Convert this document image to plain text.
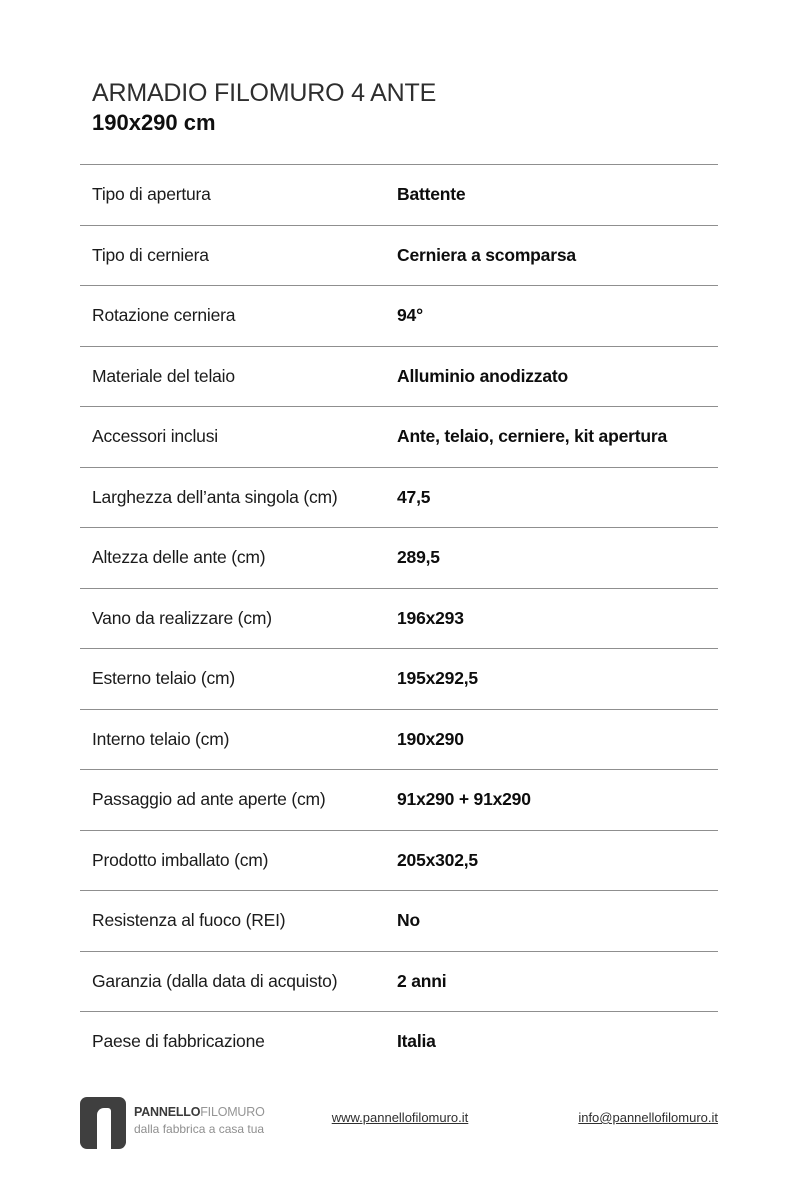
ARMADIO FILOMURO 4 ANTE
190x290 cm
Tipo di apertura	Battente
Tipo di cerniera	Cerniera a scomparsa
Rotazione cerniera	94°
Materiale del telaio	Alluminio anodizzato
Accessori inclusi	Ante, telaio, cerniere, kit apertura
Larghezza dell’anta singola (cm)	47,5
Altezza delle ante (cm)	289,5
Vano da realizzare (cm)	196x293
Esterno telaio (cm)	195x292,5
Interno telaio (cm)	190x290
Passaggio ad ante aperte (cm)	91x290 + 91x290
Prodotto imballato (cm)	205x302,5
Resistenza al fuoco (REI)	No
Garanzia (dalla data di acquisto)	2 anni
Paese di fabbricazione	Italia
PANNELLOFILOMURO
dalla fabbrica a casa tua
www.pannellofilomuro.it	info@pannellofilomuro.it
